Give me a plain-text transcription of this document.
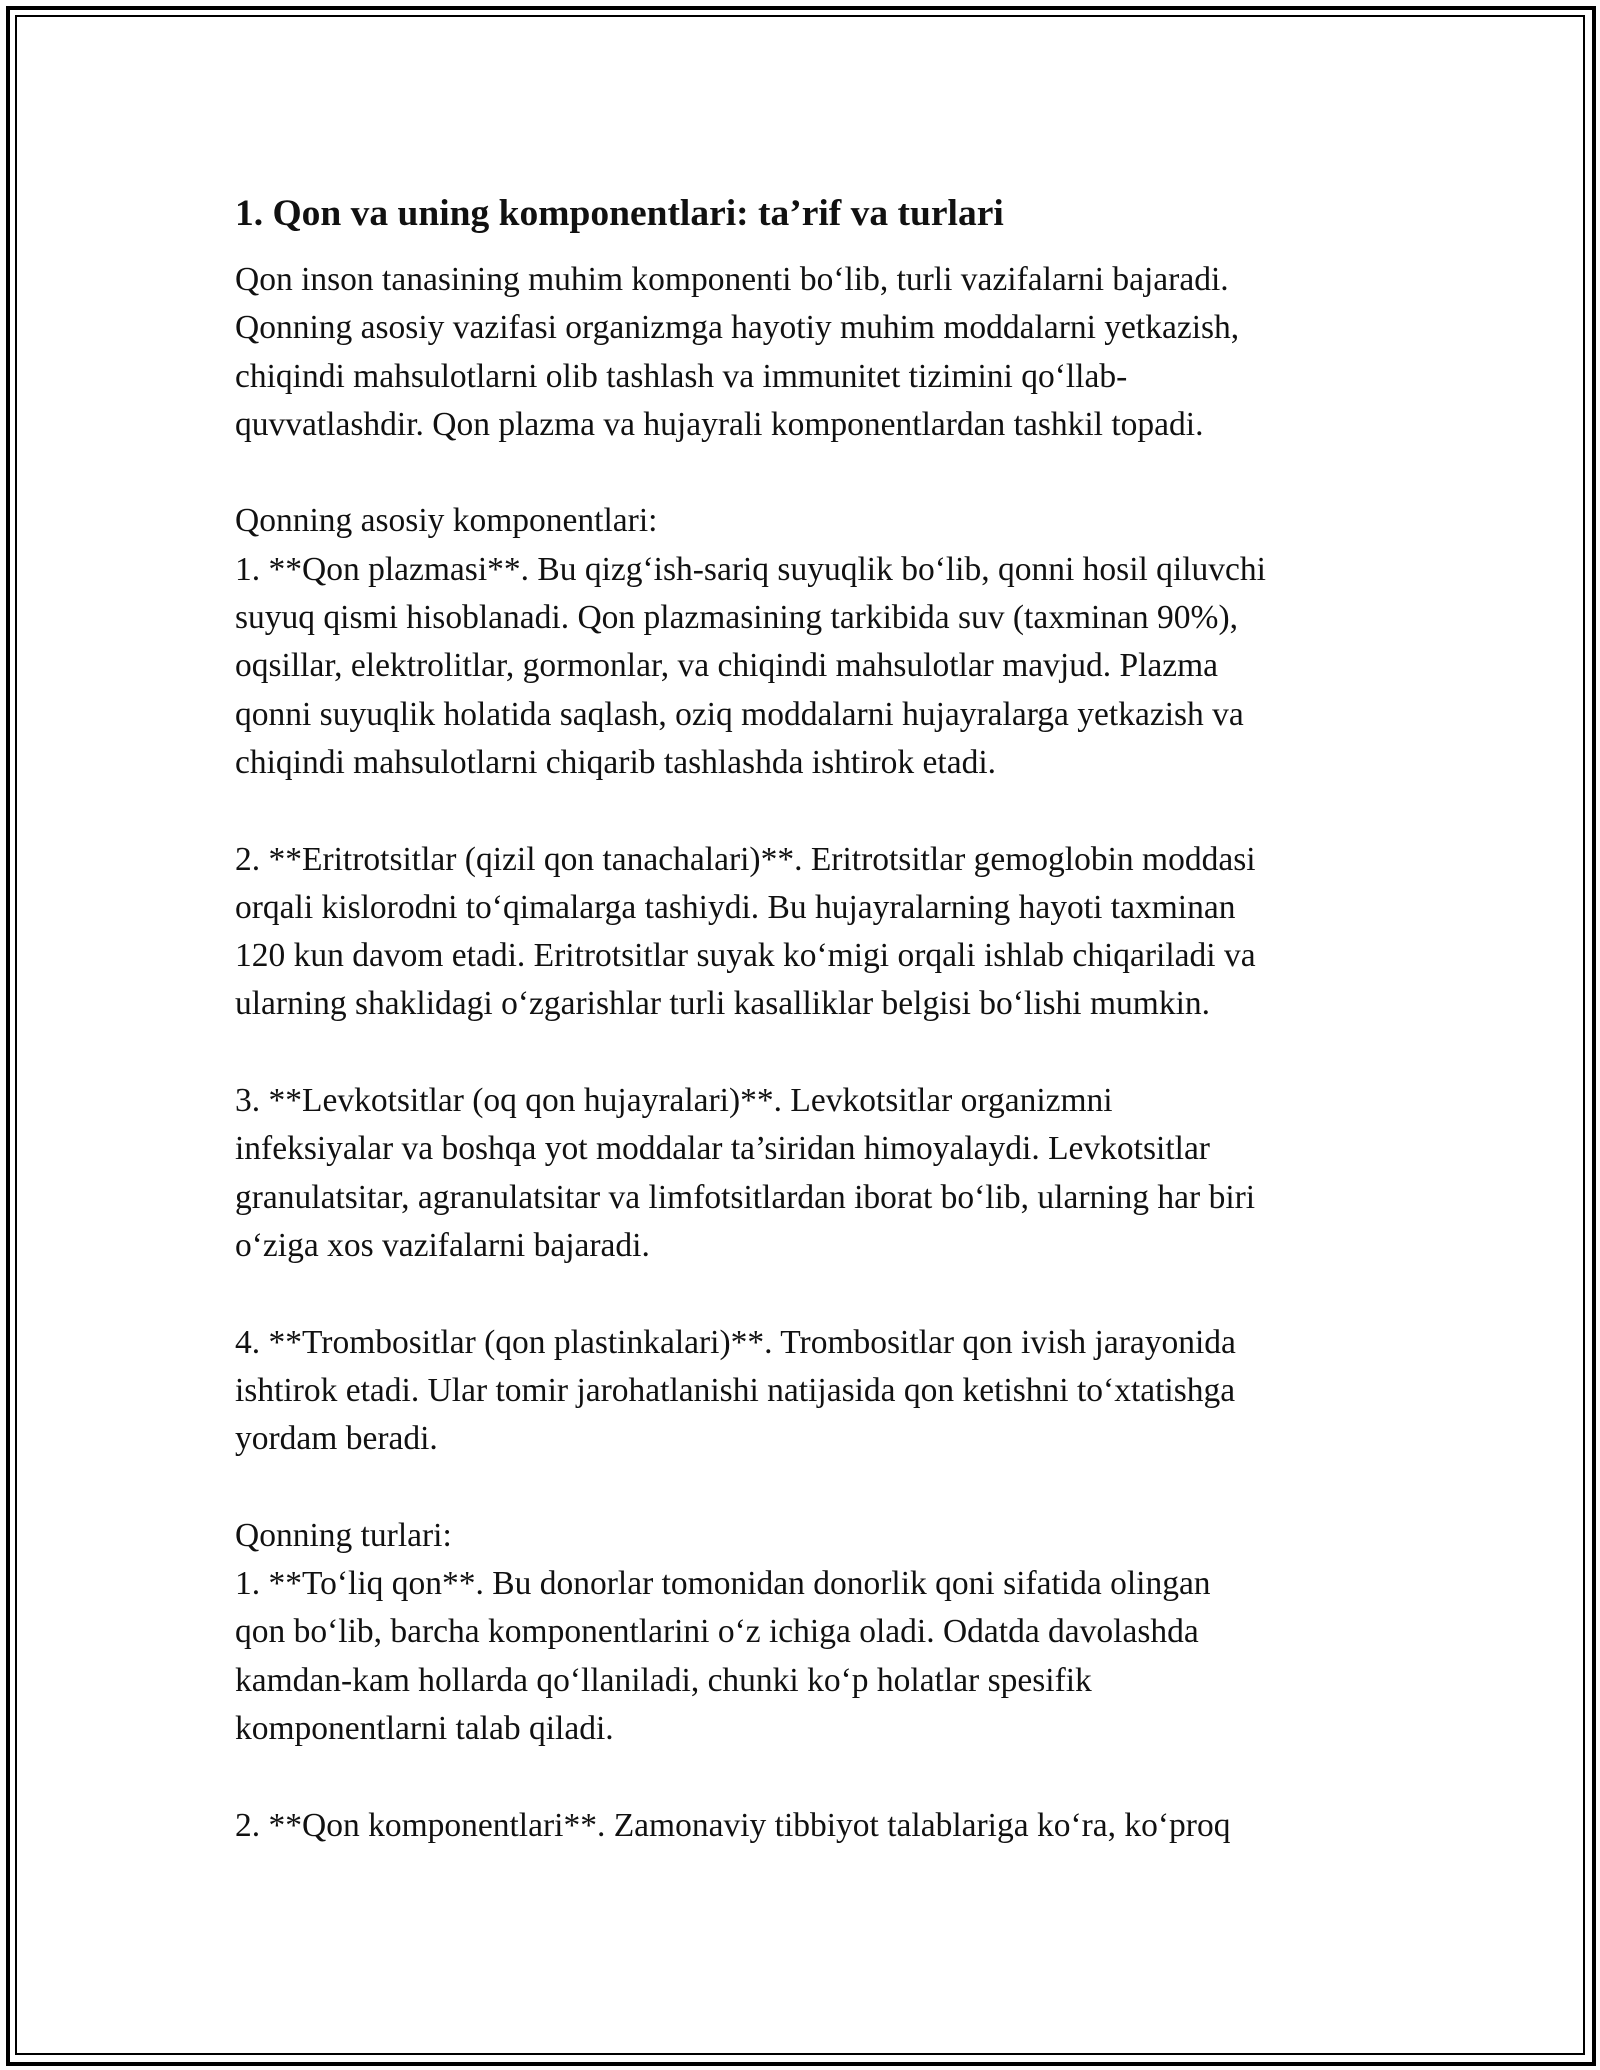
1. Qon va uning komponentlari: ta’rif va turlari
Qon inson tanasining muhim komponenti bo‘lib, turli vazifalarni bajaradi.
Qonning asosiy vazifasi organizmga hayotiy muhim moddalarni yetkazish,
chiqindi mahsulotlarni olib tashlash va immunitet tizimini qo‘llab-
quvvatlashdir. Qon plazma va hujayrali komponentlardan tashkil topadi.
Qonning asosiy komponentlari:
1. **Qon plazmasi**. Bu qizg‘ish-sariq suyuqlik bo‘lib, qonni hosil qiluvchi
suyuq qismi hisoblanadi. Qon plazmasining tarkibida suv (taxminan 90%),
oqsillar, elektrolitlar, gormonlar, va chiqindi mahsulotlar mavjud. Plazma
qonni suyuqlik holatida saqlash, oziq moddalarni hujayralarga yetkazish va
chiqindi mahsulotlarni chiqarib tashlashda ishtirok etadi.
2. **Eritrotsitlar (qizil qon tanachalari)**. Eritrotsitlar gemoglobin moddasi
orqali kislorodni to‘qimalarga tashiydi. Bu hujayralarning hayoti taxminan
120 kun davom etadi. Eritrotsitlar suyak ko‘migi orqali ishlab chiqariladi va
ularning shaklidagi o‘zgarishlar turli kasalliklar belgisi bo‘lishi mumkin.
3. **Levkotsitlar (oq qon hujayralari)**. Levkotsitlar organizmni
infeksiyalar va boshqa yot moddalar ta’siridan himoyalaydi. Levkotsitlar
granulatsitar, agranulatsitar va limfotsitlardan iborat bo‘lib, ularning har biri
o‘ziga xos vazifalarni bajaradi.
4. **Trombositlar (qon plastinkalari)**. Trombositlar qon ivish jarayonida
ishtirok etadi. Ular tomir jarohatlanishi natijasida qon ketishni to‘xtatishga
yordam beradi.
Qonning turlari:
1. **To‘liq qon**. Bu donorlar tomonidan donorlik qoni sifatida olingan
qon bo‘lib, barcha komponentlarini o‘z ichiga oladi. Odatda davolashda
kamdan-kam hollarda qo‘llaniladi, chunki ko‘p holatlar spesifik
komponentlarni talab qiladi.
2. **Qon komponentlari**. Zamonaviy tibbiyot talablariga ko‘ra, ko‘proq
